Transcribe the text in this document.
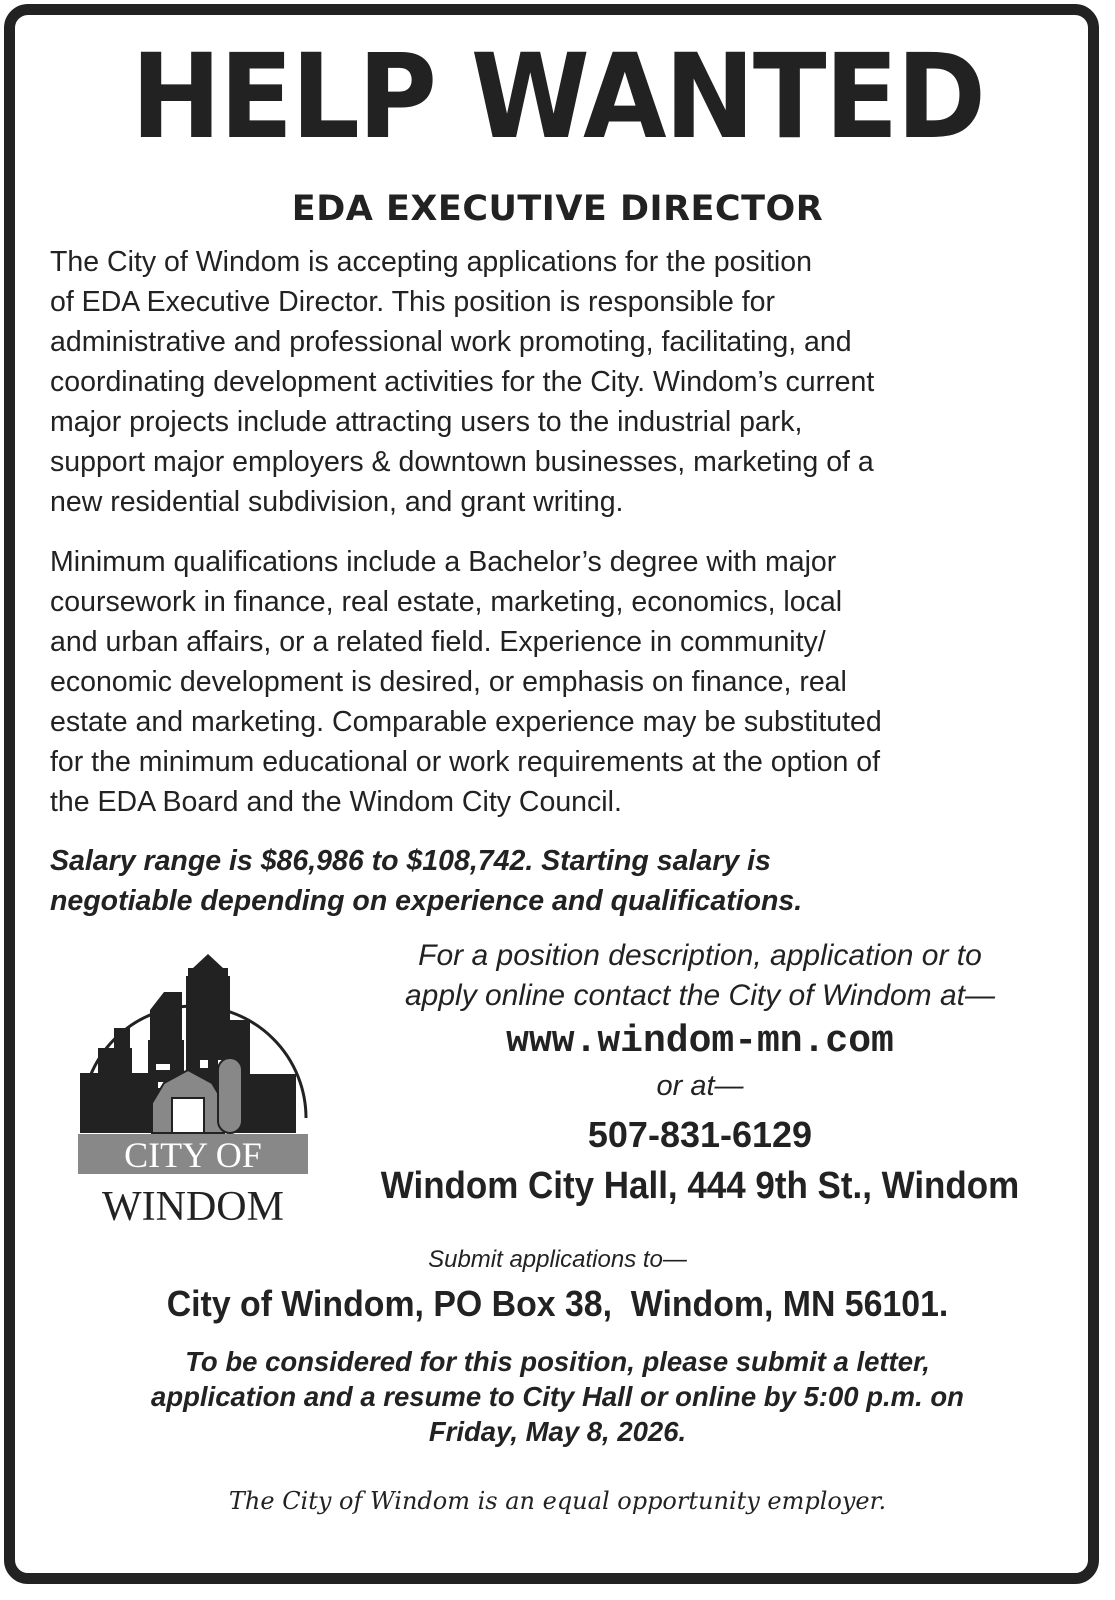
HELP WANTED
EDA EXECUTIVE DIRECTOR
The City of Windom is accepting applications for the position
of EDA Executive Director. This position is responsible for
administrative and professional work promoting, facilitating, and
coordinating development activities for the City. Windom’s current
major projects include attracting users to the industrial park,
support major employers & downtown businesses, marketing of a
new residential subdivision, and grant writing.
Minimum qualifications include a Bachelor’s degree with major
coursework in finance, real estate, marketing, economics, local
and urban affairs, or a related field. Experience in community/
economic development is desired, or emphasis on finance, real
estate and marketing. Comparable experience may be substituted
for the minimum educational or work requirements at the option of
the EDA Board and the Windom City Council.
Salary range is $86,986 to $108,742. Starting salary is
negotiable depending on experience and qualifications.
CITY OF
WINDOM
For a position description, application or to
apply online contact the City of Windom at—
www.windom-mn.com
or at—
507-831-6129
Windom City Hall, 444 9th St., Windom
Submit applications to—
City of Windom, PO Box 38,  Windom, MN 56101.
To be considered for this position, please submit a letter,
application and a resume to City Hall or online by 5:00 p.m. on
Friday, May 8, 2026.
The City of Windom is an equal opportunity employer.
